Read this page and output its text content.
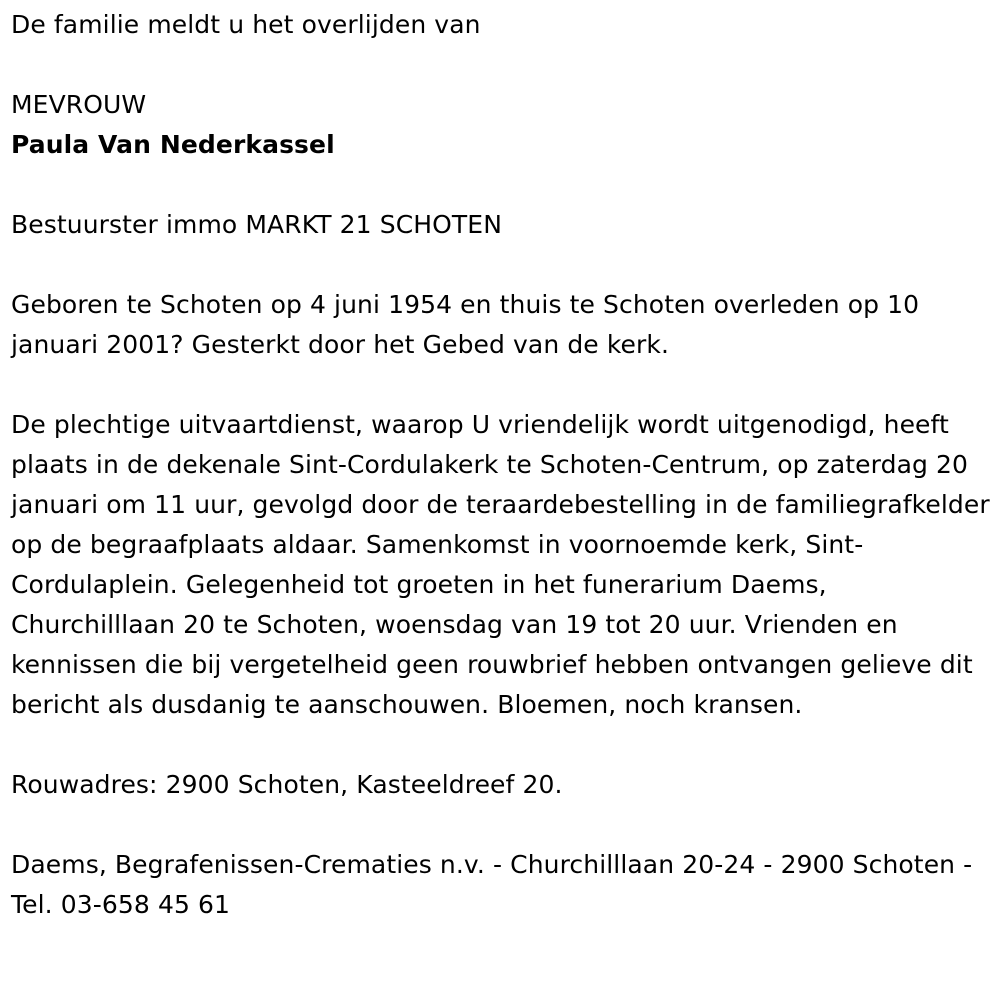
De familie meldt u het overlijden van

MEVROUW

Paula Van Nederkassel

Bestuurster immo MARKT 21 SCHOTEN

Geboren te Schoten op 4 juni 1954 en thuis te Schoten overleden op 10 januari 2001? Gesterkt door het Gebed van de kerk.

De plechtige uitvaartdienst, waarop U vriendelijk wordt uitgenodigd, heeft plaats in de dekenale Sint-Cordulakerk te Schoten-Centrum, op zaterdag 20 januari om 11 uur, gevolgd door de teraardebestelling in de familiegrafkelder op de begraafplaats aldaar. Samenkomst in voornoemde kerk, Sint-Cordulaplein. Gelegenheid tot groeten in het funerarium Daems, Churchilllaan 20 te Schoten, woensdag van 19 tot 20 uur. Vrienden en kennissen die bij vergetelheid geen rouwbrief hebben ontvangen gelieve dit bericht als dusdanig te aanschouwen. Bloemen, noch kransen.

Rouwadres: 2900 Schoten, Kasteeldreef 20.

Daems, Begrafenissen-Crematies n.v. - Churchilllaan 20-24 - 2900 Schoten - Tel. 03-658 45 61
